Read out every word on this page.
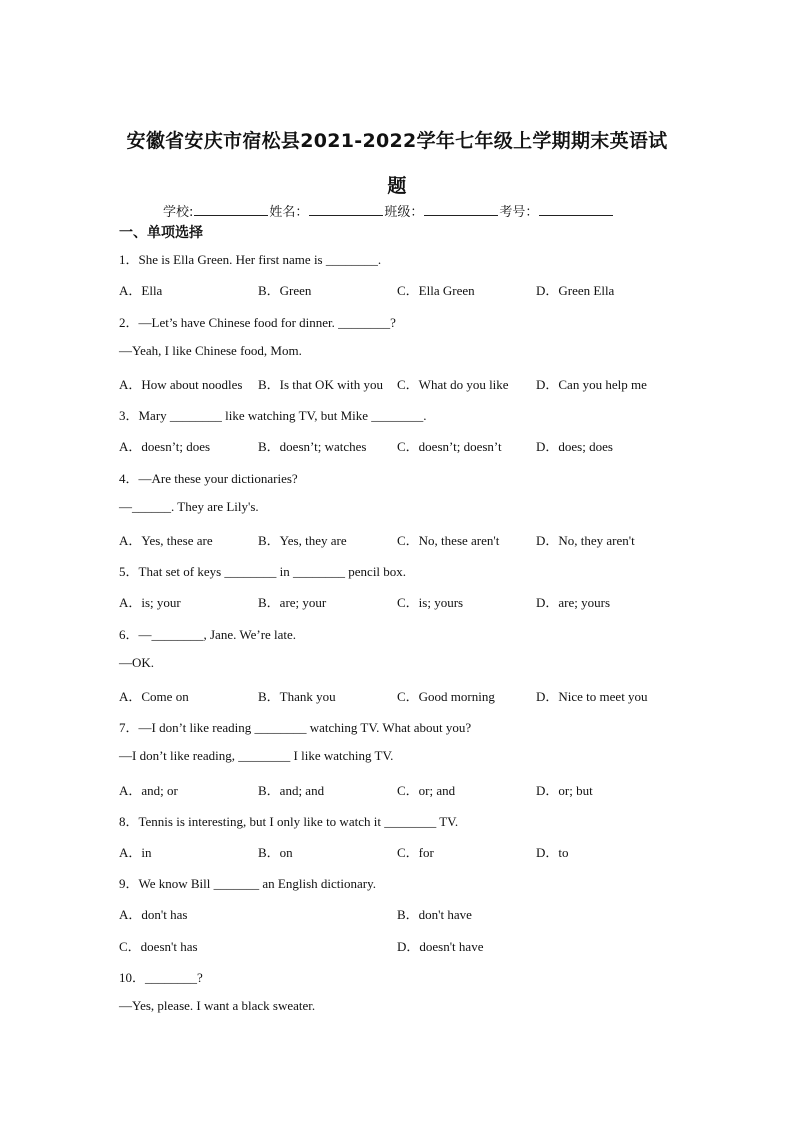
安徽省安庆市宿松县2021-2022学年七年级上学期期末英语试
题
学校:	姓名：	班级：	考号：
一、单项选择
1．She is Ella Green. Her first name is ________.
A．Ella	B．Green	C．Ella Green	D．Green Ella
2．—Let’s have Chinese food for dinner. ________?
—Yeah, I like Chinese food, Mom.
A．How about noodles B．Is that OK with you C．What do you like D．Can you help me
3．Mary ________ like watching TV, but Mike ________.
A．doesn’t; does	B．doesn’t; watches C．doesn’t; doesn’t	D．does; does
4．—Are these your dictionaries?
—______. They are Lily's.
A．Yes, these are	B．Yes, they are	C．No, these aren't	D．No, they aren't
5．That set of keys ________ in ________ pencil box.
A．is; your	B．are; your	C．is; yours	D．are; yours
6．—________, Jane. We’re late.
—OK.
A．Come on	B．Thank you	C．Good morning	D．Nice to meet you
7．—I don’t like reading ________ watching TV. What about you?
—I don’t like reading, ________ I like watching TV.
A．and; or	B．and; and	C．or; and	D．or; but
8．Tennis is interesting, but I only like to watch it ________ TV.
A．in	B．on	C．for	D．to
9．We know Bill _______ an English dictionary.
A．don't has	B．don't have
C．doesn't has	D．doesn't have
10．________?
—Yes, please. I want a black sweater.
